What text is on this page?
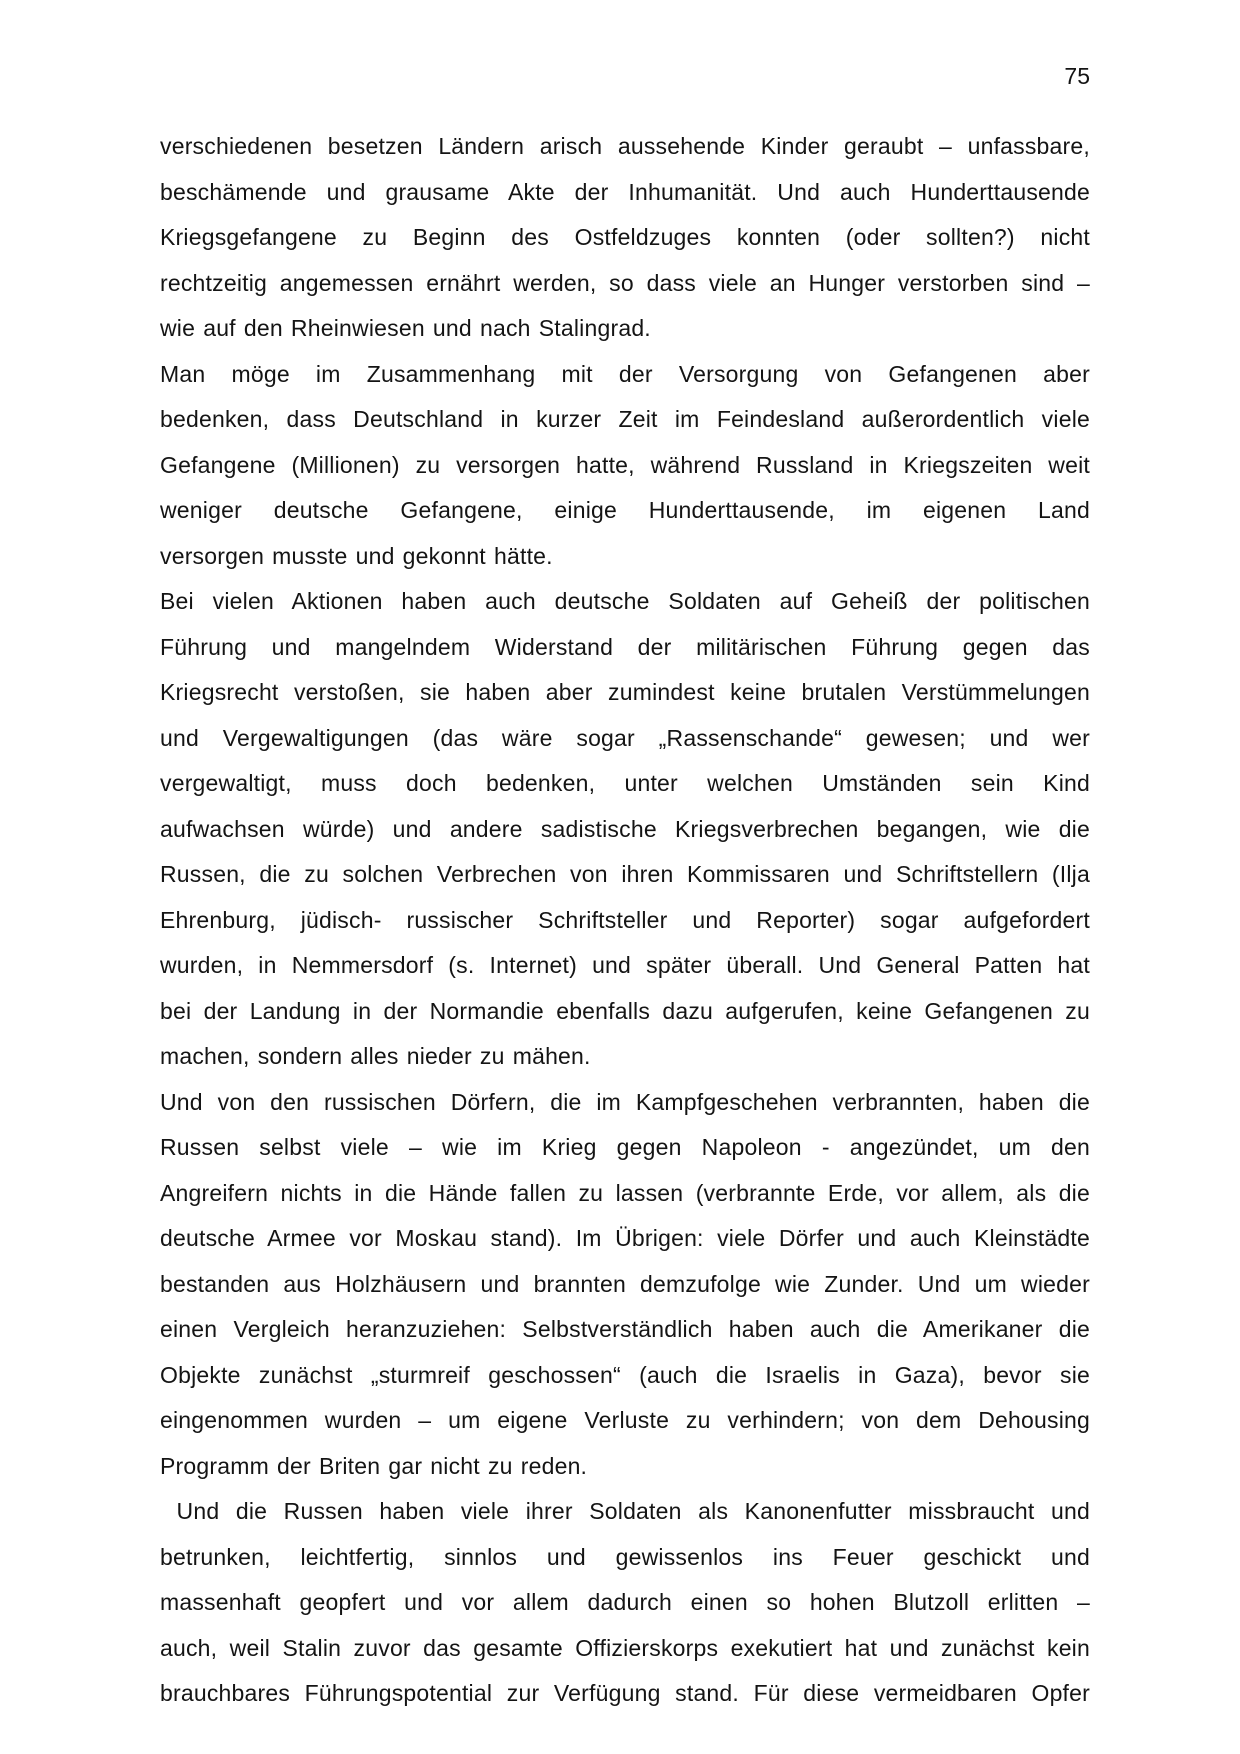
75
verschiedenen besetzen Ländern arisch aussehende Kinder geraubt – unfassbare,
beschämende und grausame Akte der Inhumanität. Und auch Hunderttausende
Kriegsgefangene zu Beginn des Ostfeldzuges konnten (oder sollten?) nicht
rechtzeitig angemessen ernährt werden, so dass viele an Hunger verstorben sind –
wie auf den Rheinwiesen und nach Stalingrad.
Man möge im Zusammenhang mit der Versorgung von Gefangenen aber
bedenken, dass Deutschland in kurzer Zeit im Feindesland außerordentlich viele
Gefangene (Millionen) zu versorgen hatte, während Russland in Kriegszeiten weit
weniger deutsche Gefangene, einige Hunderttausende, im eigenen Land
versorgen musste und gekonnt hätte.
Bei vielen Aktionen haben auch deutsche Soldaten auf Geheiß der politischen
Führung und mangelndem Widerstand der militärischen Führung gegen das
Kriegsrecht verstoßen, sie haben aber zumindest keine brutalen Verstümmelungen
und Vergewaltigungen (das wäre sogar „Rassenschande“ gewesen; und wer
vergewaltigt, muss doch bedenken, unter welchen Umständen sein Kind
aufwachsen würde) und andere sadistische Kriegsverbrechen begangen, wie die
Russen, die zu solchen Verbrechen von ihren Kommissaren und Schriftstellern (Ilja
Ehrenburg, jüdisch- russischer Schriftsteller und Reporter) sogar aufgefordert
wurden, in Nemmersdorf (s. Internet) und später überall. Und General Patten hat
bei der Landung in der Normandie ebenfalls dazu aufgerufen, keine Gefangenen zu
machen, sondern alles nieder zu mähen.
Und von den russischen Dörfern, die im Kampfgeschehen verbrannten, haben die
Russen selbst viele – wie im Krieg gegen Napoleon - angezündet, um den
Angreifern nichts in die Hände fallen zu lassen (verbrannte Erde, vor allem, als die
deutsche Armee vor Moskau stand). Im Übrigen: viele Dörfer und auch Kleinstädte
bestanden aus Holzhäusern und brannten demzufolge wie Zunder. Und um wieder
einen Vergleich heranzuziehen: Selbstverständlich haben auch die Amerikaner die
Objekte zunächst „sturmreif geschossen“ (auch die Israelis in Gaza), bevor sie
eingenommen wurden – um eigene Verluste zu verhindern; von dem Dehousing
Programm der Briten gar nicht zu reden.
Und die Russen haben viele ihrer Soldaten als Kanonenfutter missbraucht und
betrunken, leichtfertig, sinnlos und gewissenlos ins Feuer geschickt und
massenhaft geopfert und vor allem dadurch einen so hohen Blutzoll erlitten –
auch, weil Stalin zuvor das gesamte Offizierskorps exekutiert hat und zunächst kein
brauchbares Führungspotential zur Verfügung stand. Für diese vermeidbaren Opfer
